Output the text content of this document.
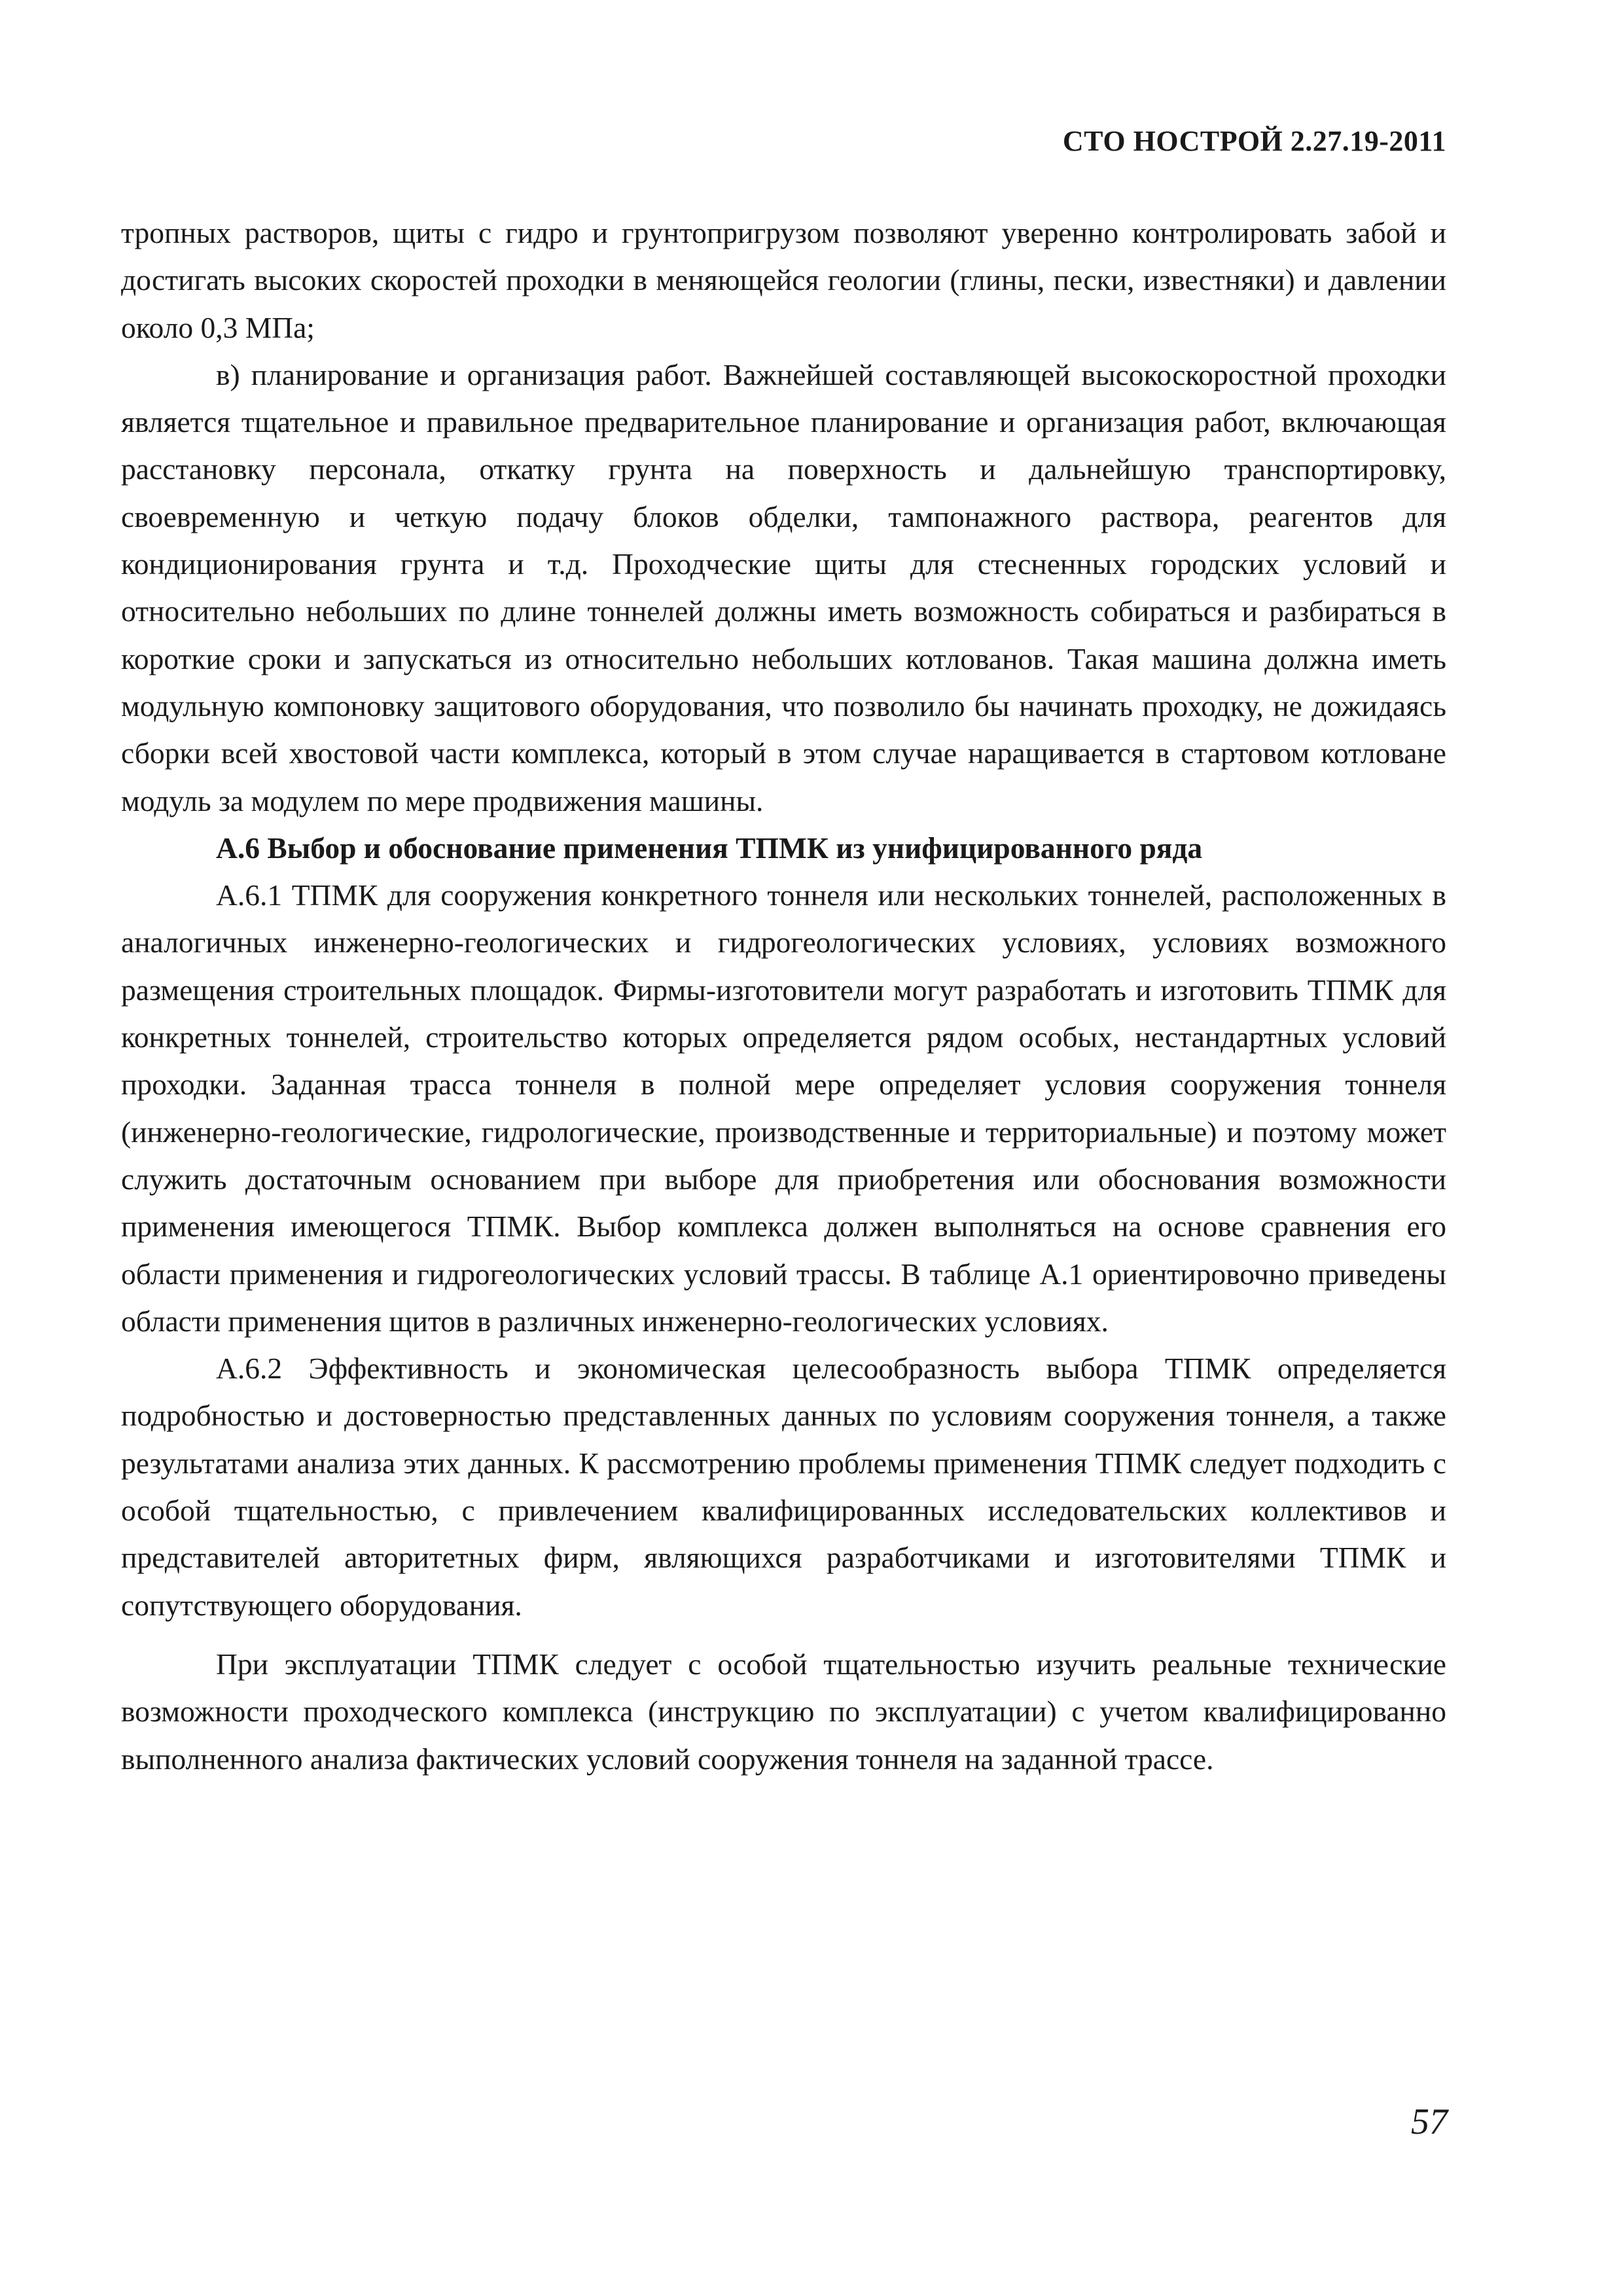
СТО НОСТРОЙ 2.27.19-2011

тропных растворов, щиты с гидро и грунтопригрузом позволяют уверенно контролировать забой и достигать высоких скоростей проходки в меняющейся геологии (глины, пески, известняки) и давлении около 0,3 МПа;

в) планирование и организация работ. Важнейшей составляющей высокоскоростной проходки является тщательное и правильное предварительное планирование и организация работ, включающая расстановку персонала, откатку грунта на поверхность и дальнейшую транспортировку, своевременную и четкую подачу блоков обделки, тампонажного раствора, реагентов для кондиционирования грунта и т.д. Проходческие щиты для стесненных городских условий и относительно небольших по длине тоннелей должны иметь возможность собираться и разбираться в короткие сроки и запускаться из относительно небольших котлованов. Такая машина должна иметь модульную компоновку защитового оборудования, что позволило бы начинать проходку, не дожидаясь сборки всей хвостовой части комплекса, который в этом случае наращивается в стартовом котловане модуль за модулем по мере продвижения машины.

А.6 Выбор и обоснование применения ТПМК из унифицированного ряда

А.6.1 ТПМК для сооружения конкретного тоннеля или нескольких тоннелей, расположенных в аналогичных инженерно-геологических и гидрогеологических условиях, условиях возможного размещения строительных площадок. Фирмы-изготовители могут разработать и изготовить ТПМК для конкретных тоннелей, строительство которых определяется рядом особых, нестандартных условий проходки. Заданная трасса тоннеля в полной мере определяет условия сооружения тоннеля (инженерно-геологические, гидрологические, производственные и территориальные) и поэтому может служить достаточным основанием при выборе для приобретения или обоснования возможности применения имеющегося ТПМК. Выбор комплекса должен выполняться на основе сравнения его области применения и гидрогеологических условий трассы. В таблице А.1 ориентировочно приведены области применения щитов в различных инженерно-геологических условиях.

А.6.2 Эффективность и экономическая целесообразность выбора ТПМК определяется подробностью и достоверностью представленных данных по условиям сооружения тоннеля, а также результатами анализа этих данных. К рассмотрению проблемы применения ТПМК следует подходить с особой тщательностью, с привлечением квалифицированных исследовательских коллективов и представителей авторитетных фирм, являющихся разработчиками и изготовителями ТПМК и сопутствующего оборудования.

При эксплуатации ТПМК следует с особой тщательностью изучить реальные технические возможности проходческого комплекса (инструкцию по эксплуатации) с учетом квалифицированно выполненного анализа фактических условий сооружения тоннеля на заданной трассе.

57
